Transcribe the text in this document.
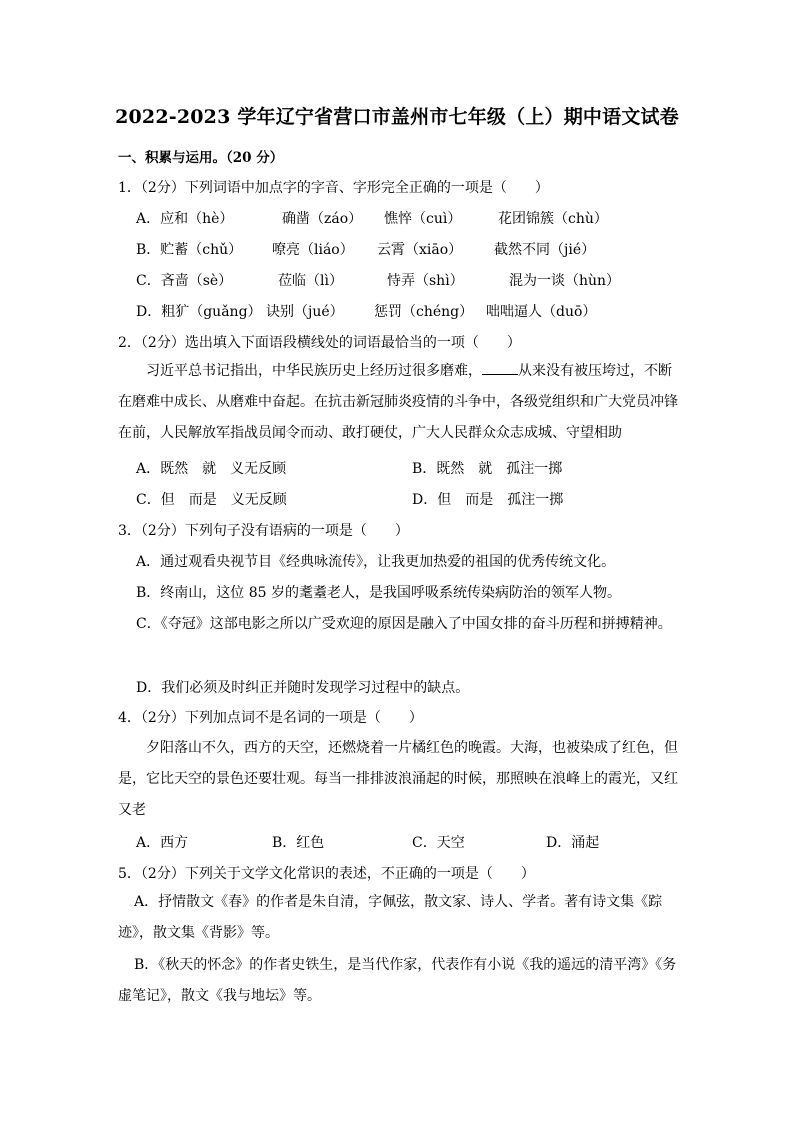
2022-2023 学年辽宁省营口市盖州市七年级（上）期中语文试卷
一、积累与运用。（20 分）
1．（2分）下列词语中加点字的字音、字形完全正确的一项是（　　）
A．应和（hè）	确凿（záo） 憔悴（cuì）	花团锦簇（chù）
B．贮蓄（chǔ） 嘹亮（liáo） 云霄（xiāo） 截然不同（jié）
C．吝啬（sè）	莅临（lì）	恃弄（shì）	混为一谈（hùn）
D．粗犷（guǎng） 诀别（jué） 惩罚（chéng） 咄咄逼人（duō）
2．（2分）选出填入下面语段横线处的词语最恰当的一项（　　）
习近平总书记指出，中华民族历史上经历过很多磨难，	从来没有被压垮过，不断在磨难中成长、从磨难中奋起。在抗击新冠肺炎疫情的斗争中，各级党组织和广大党员冲锋在前，人民解放军指战员闻令而动、敢打硬仗，广大人民群众众志成城、守望相助
A．既然　就　义无反顾	B．既然　就　孤注一掷
C．但　而是　义无反顾	D．但　而是　孤注一掷
3．（2分）下列句子没有语病的一项是（　　）
A．通过观看央视节目《经典咏流传》，让我更加热爱的祖国的优秀传统文化。
B．终南山，这位 85 岁的耄耋老人，是我国呼吸系统传染病防治的领军人物。
C．《夺冠》这部电影之所以广受欢迎的原因是融入了中国女排的奋斗历程和拼搏精神。
D．我们必须及时纠正并随时发现学习过程中的缺点。
4．（2分）下列加点词不是名词的一项是（　　）
夕阳落山不久，西方的天空，还燃烧着一片橘红色的晚霞。大海，也被染成了红色，但是，它比天空的景色还要壮观。每当一排排波浪涌起的时候，那照映在浪峰上的霞光，又红又老
A．西方	B．红色	C．天空	D．涌起
5．（2分）下列关于文学文化常识的表述，不正确的一项是（　　）
A．抒情散文《春》的作者是朱自清，字佩弦，散文家、诗人、学者。著有诗文集《踪迹》，散文集《背影》等。
B．《秋天的怀念》的作者史铁生，是当代作家，代表作有小说《我的遥远的清平湾》《务虚笔记》，散文《我与地坛》等。
